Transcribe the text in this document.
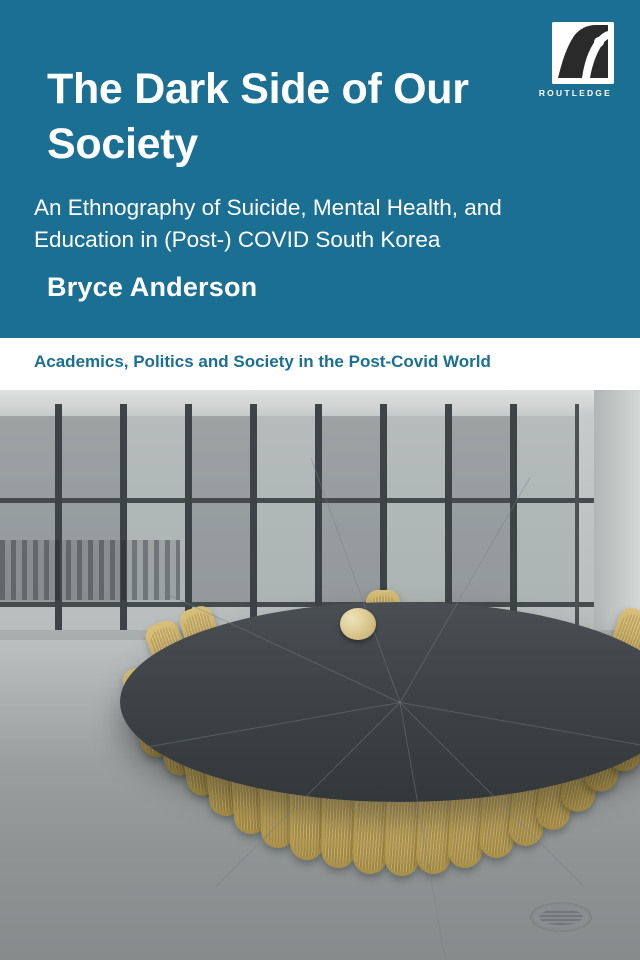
ROUTLEDGE
The Dark Side of Our Society
An Ethnography of Suicide, Mental Health, and Education in (Post-) COVID South Korea
Bryce Anderson
Academics, Politics and Society in the Post-Covid World
